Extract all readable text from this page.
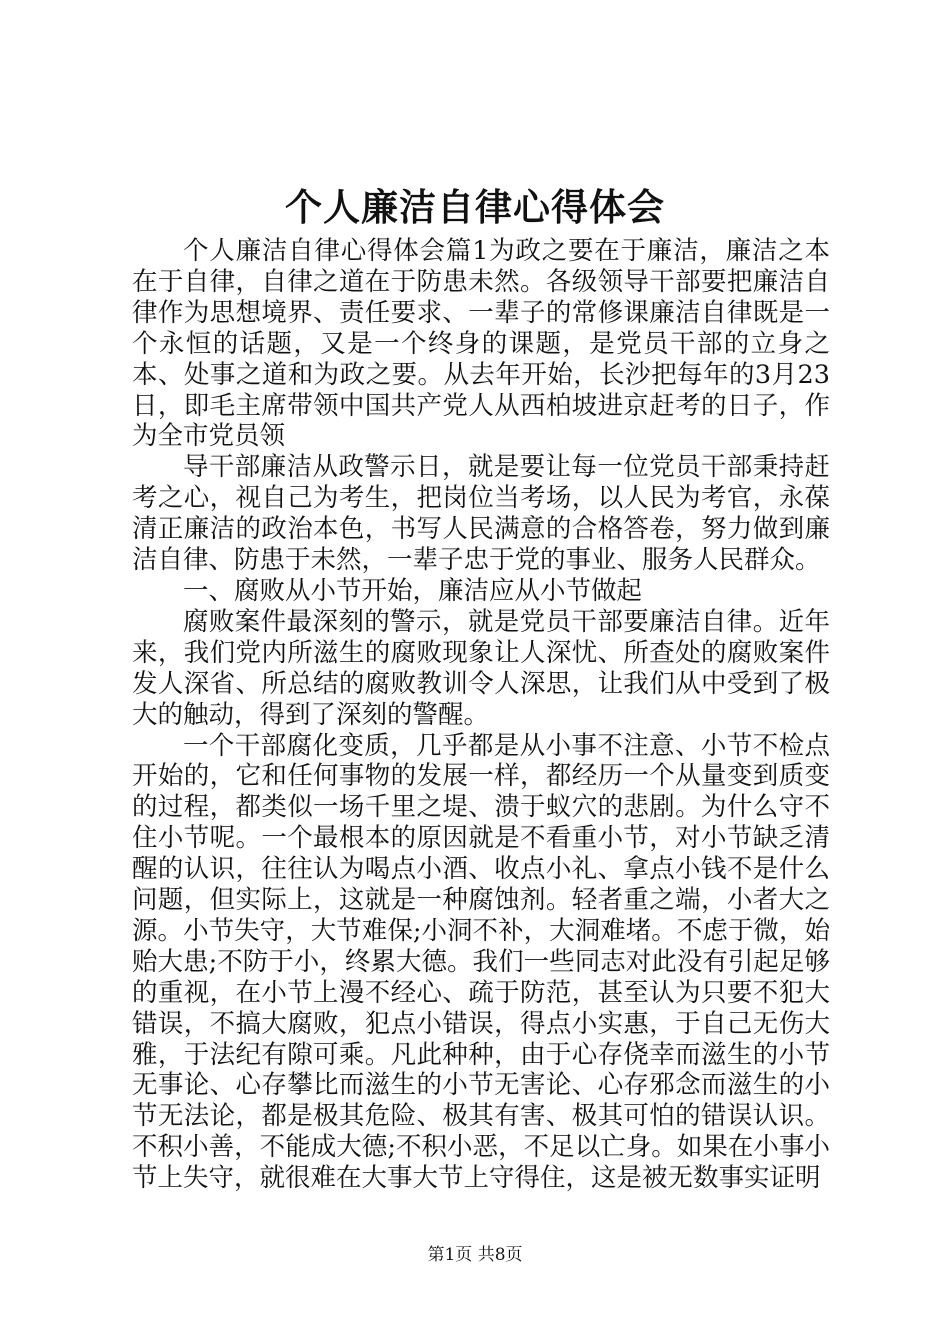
个人廉洁自律心得体会

个人廉洁自律心得体会篇1为政之要在于廉洁，廉洁之本在于自律，自律之道在于防患未然。各级领导干部要把廉洁自律作为思想境界、责任要求、一辈子的常修课廉洁自律既是一个永恒的话题，又是一个终身的课题，是党员干部的立身之本、处事之道和为政之要。从去年开始，长沙把每年的3月23日，即毛主席带领中国共产党人从西柏坡进京赶考的日子，作为全市党员领

导干部廉洁从政警示日，就是要让每一位党员干部秉持赶考之心，视自己为考生，把岗位当考场，以人民为考官，永葆清正廉洁的政治本色，书写人民满意的合格答卷，努力做到廉洁自律、防患于未然，一辈子忠于党的事业、服务人民群众。

一、腐败从小节开始，廉洁应从小节做起

腐败案件最深刻的警示，就是党员干部要廉洁自律。近年来，我们党内所滋生的腐败现象让人深忧、所查处的腐败案件发人深省、所总结的腐败教训令人深思，让我们从中受到了极大的触动，得到了深刻的警醒。

一个干部腐化变质，几乎都是从小事不注意、小节不检点开始的，它和任何事物的发展一样，都经历一个从量变到质变的过程，都类似一场千里之堤、溃于蚁穴的悲剧。为什么守不住小节呢。一个最根本的原因就是不看重小节，对小节缺乏清醒的认识，往往认为喝点小酒、收点小礼、拿点小钱不是什么问题，但实际上，这就是一种腐蚀剂。轻者重之端，小者大之源。小节失守，大节难保;小洞不补，大洞难堵。不虑于微，始贻大患;不防于小，终累大德。我们一些同志对此没有引起足够的重视，在小节上漫不经心、疏于防范，甚至认为只要不犯大错误，不搞大腐败，犯点小错误，得点小实惠，于自己无伤大雅，于法纪有隙可乘。凡此种种，由于心存侥幸而滋生的小节无事论、心存攀比而滋生的小节无害论、心存邪念而滋生的小节无法论，都是极其危险、极其有害、极其可怕的错误认识。不积小善，不能成大德;不积小恶，不足以亡身。如果在小事小节上失守，就很难在大事大节上守得住，这是被无数事实证明

第1页 共8页
